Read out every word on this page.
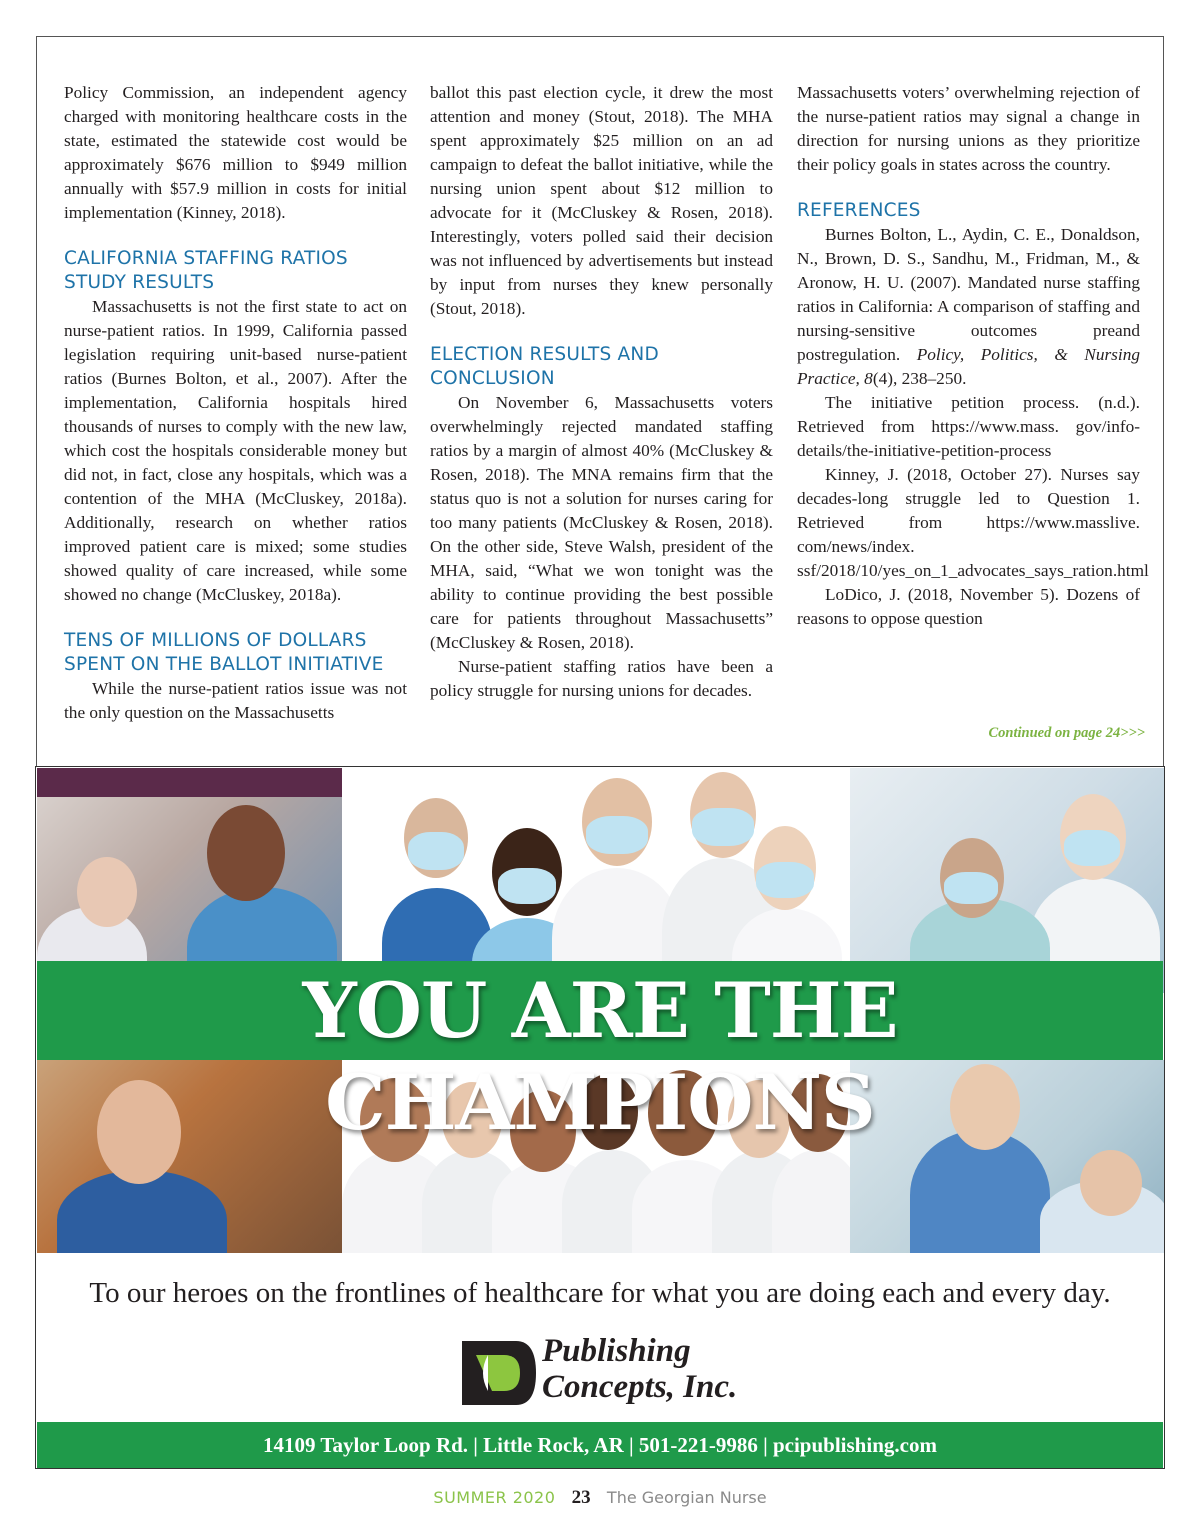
Policy Commission, an independent agency charged with monitoring healthcare costs in the state, estimated the statewide cost would be approximately $676 million to $949 million annually with $57.9 million in costs for initial implementation (Kinney, 2018).

CALIFORNIA STAFFING RATIOS STUDY RESULTS

Massachusetts is not the first state to act on nurse-patient ratios. In 1999, California passed legislation requiring unit-based nurse-patient ratios (Burnes Bolton, et al., 2007). After the implementation, California hospitals hired thousands of nurses to comply with the new law, which cost the hospitals considerable money but did not, in fact, close any hospitals, which was a contention of the MHA (McCluskey, 2018a). Additionally, research on whether ratios improved patient care is mixed; some studies showed quality of care increased, while some showed no change (McCluskey, 2018a).

TENS OF MILLIONS OF DOLLARS SPENT ON THE BALLOT INITIATIVE

While the nurse-patient ratios issue was not the only question on the Massachusetts

ballot this past election cycle, it drew the most attention and money (Stout, 2018). The MHA spent approximately $25 million on an ad campaign to defeat the ballot initiative, while the nursing union spent about $12 million to advocate for it (McCluskey & Rosen, 2018). Interestingly, voters polled said their decision was not influenced by advertisements but instead by input from nurses they knew personally (Stout, 2018).

ELECTION RESULTS AND CONCLUSION

On November 6, Massachusetts voters overwhelmingly rejected mandated staffing ratios by a margin of almost 40% (McCluskey & Rosen, 2018). The MNA remains firm that the status quo is not a solution for nurses caring for too many patients (McCluskey & Rosen, 2018). On the other side, Steve Walsh, president of the MHA, said, “What we won tonight was the ability to continue providing the best possible care for patients throughout Massachusetts” (McCluskey & Rosen, 2018).

Nurse-patient staffing ratios have been a policy struggle for nursing unions for decades.

Massachusetts voters’ overwhelming rejection of the nurse-patient ratios may signal a change in direction for nursing unions as they prioritize their policy goals in states across the country.

REFERENCES

Burnes Bolton, L., Aydin, C. E., Donaldson, N., Brown, D. S., Sandhu, M., Fridman, M., & Aronow, H. U. (2007). Mandated nurse staffing ratios in California: A comparison of staffing and nursing-sensitive outcomes preand postregulation. Policy, Politics, & Nursing Practice, 8(4), 238–250.

The initiative petition process. (n.d.). Retrieved from https://www.mass. gov/info-details/the-initiative-petition-process

Kinney, J. (2018, October 27). Nurses say decades-long struggle led to Question 1. Retrieved from https://www.masslive. com/news/index. ssf/2018/10/yes_on_1_advocates_says_ration.html

LoDico, J. (2018, November 5). Dozens of reasons to oppose question

Continued on page 24>>>
YOU ARE THE CHAMPIONS
To our heroes on the frontlines of healthcare for what you are doing each and every day.
Publishing
Concepts, Inc.
14109 Taylor Loop Rd. | Little Rock, AR | 501-221-9986 | pcipublishing.com
SUMMER 2020 23 The Georgian Nurse
